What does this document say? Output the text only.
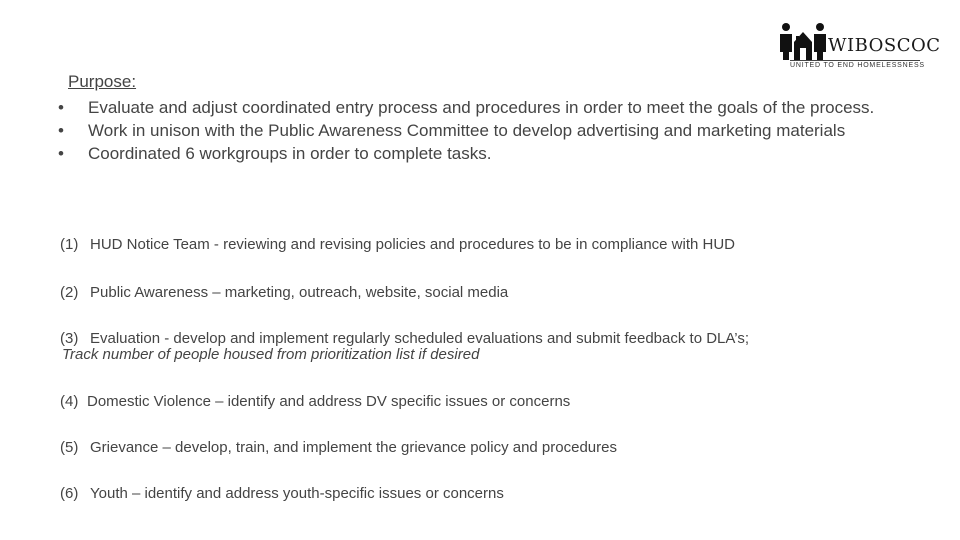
WIBOSCOC
UNITED TO END HOMELESSNESS
Purpose:
• Evaluate and adjust coordinated entry process and procedures in order to meet the goals of the process.
• Work in unison with the Public Awareness Committee to develop advertising and marketing materials
• Coordinated 6 workgroups in order to complete tasks.
(1) HUD Notice Team - reviewing and revising policies and procedures to be in compliance with HUD
(2) Public Awareness – marketing, outreach, website, social media
(3) Evaluation - develop and implement regularly scheduled evaluations and submit feedback to DLA’s;
Track number of people housed from prioritization list if desired
(4) Domestic Violence – identify and address DV specific issues or concerns
(5) Grievance – develop, train, and implement the grievance policy and procedures
(6) Youth – identify and address youth-specific issues or concerns
